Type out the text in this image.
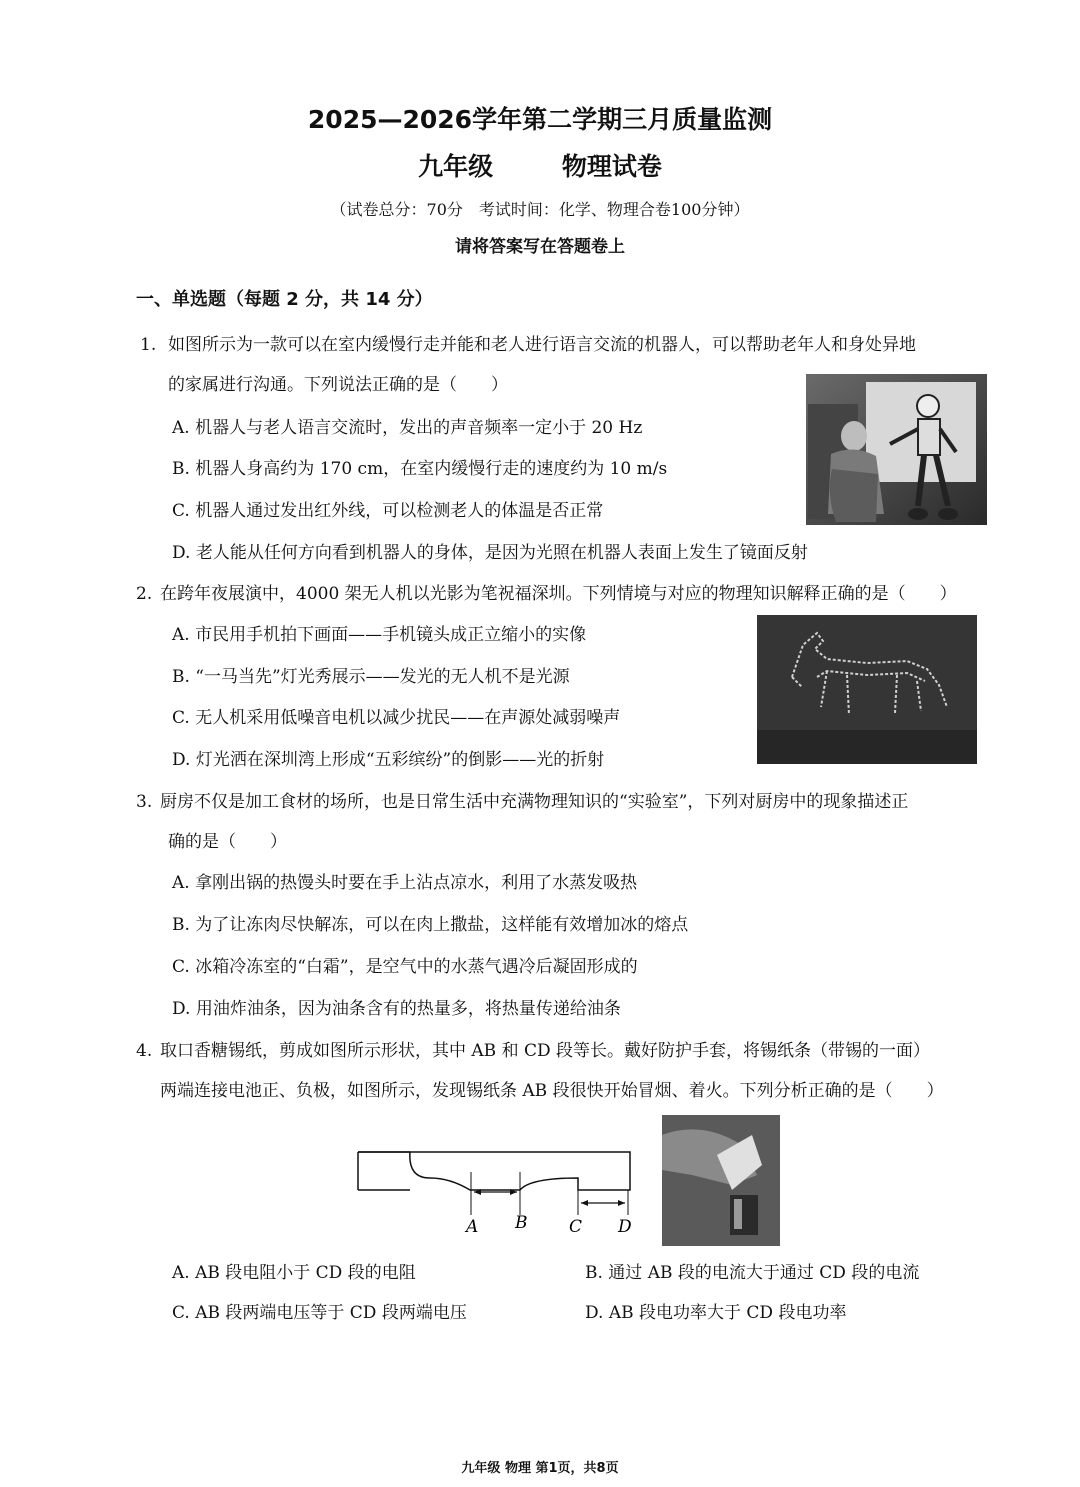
2025—2026学年第二学期三月质量监测
九年级	物理试卷
（试卷总分：70分　考试时间：化学、物理合卷100分钟）
请将答案写在答题卷上
一、单选题（每题 2 分，共 14 分）
1. 如图所示为一款可以在室内缓慢行走并能和老人进行语言交流的机器人，可以帮助老年人和身处异地
的家属进行沟通。下列说法正确的是（　　）
A. 机器人与老人语言交流时，发出的声音频率一定小于 20 Hz
B. 机器人身高约为 170 cm，在室内缓慢行走的速度约为 10 m/s
C. 机器人通过发出红外线，可以检测老人的体温是否正常
D. 老人能从任何方向看到机器人的身体，是因为光照在机器人表面上发生了镜面反射
2. 在跨年夜展演中，4000 架无人机以光影为笔祝福深圳。下列情境与对应的物理知识解释正确的是（　　）
A. 市民用手机拍下画面——手机镜头成正立缩小的实像
B. “一马当先”灯光秀展示——发光的无人机不是光源
C. 无人机采用低噪音电机以减少扰民——在声源处减弱噪声
D. 灯光洒在深圳湾上形成“五彩缤纷”的倒影——光的折射
3. 厨房不仅是加工食材的场所，也是日常生活中充满物理知识的“实验室”，下列对厨房中的现象描述正
确的是（　　）
A. 拿刚出锅的热馒头时要在手上沾点凉水，利用了水蒸发吸热
B. 为了让冻肉尽快解冻，可以在肉上撒盐，这样能有效增加冰的熔点
C. 冰箱冷冻室的“白霜”，是空气中的水蒸气遇冷后凝固形成的
D. 用油炸油条，因为油条含有的热量多，将热量传递给油条
4. 取口香糖锡纸，剪成如图所示形状，其中 AB 和 CD 段等长。戴好防护手套，将锡纸条（带锡的一面）
两端连接电池正、负极，如图所示，发现锡纸条 AB 段很快开始冒烟、着火。下列分析正确的是（　　）
A B C D
A. AB 段电阻小于 CD 段的电阻	B. 通过 AB 段的电流大于通过 CD 段的电流
C. AB 段两端电压等于 CD 段两端电压	D. AB 段电功率大于 CD 段电功率
九年级 物理 第1页，共8页
